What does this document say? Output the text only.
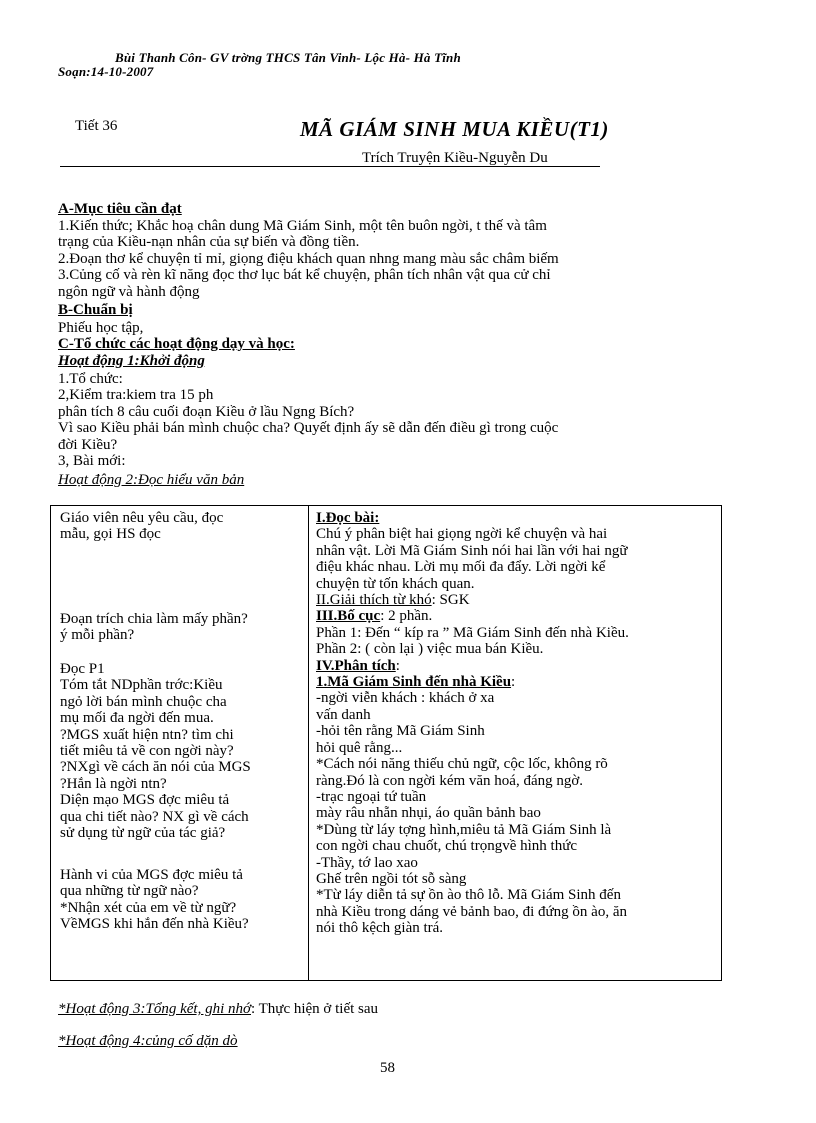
Bùi Thanh Côn- GV trờng THCS Tân Vinh- Lộc Hà- Hà Tĩnh
Soạn:14-10-2007
Tiết 36	MÃ GIÁM SINH MUA KIỀU(T1)
Trích Truyện Kiều-Nguyễn Du
A-Mục tiêu cần đạt
1.Kiến thức; Khắc hoạ chân dung Mã Giám Sinh, một tên buôn ngời, t thế và tâm
trạng của Kiều-nạn nhân của sự biến và đồng tiền.
2.Đoạn thơ kể chuyện tỉ mỉ, giọng điệu khách quan nhng mang màu sắc châm biếm
3.Củng cố và rèn kĩ năng đọc thơ lục bát kể chuyện, phân tích nhân vật qua cử chỉ
ngôn ngữ và hành động
B-Chuẩn bị
Phiếu học tập,
C-Tổ chức các hoạt động dạy và học:
Hoạt động 1:Khởi động
1.Tổ chức:
2,Kiểm tra:kiem tra 15 ph
phân tích 8 câu cuối đoạn Kiều ở lầu Ngng Bích?
Vì sao Kiều phải bán mình chuộc cha? Quyết định ấy sẽ dẫn đến điều gì trong cuộc
đời Kiều?
3, Bài mới:
Hoạt động 2:Đọc hiểu văn bản

Giáo viên nêu yêu cầu, đọc

mẫu, gọi HS đọc

Đoạn trích chia làm mấy phần?

ý mỗi phần?

Đọc P1

Tóm tắt NDphần trớc:Kiều

ngỏ lời bán mình chuộc cha

mụ mối đa ngời đến mua.

?MGS xuất hiện ntn? tìm chi

tiết miêu tả về con ngời này?

?NXgì về cách ăn nói của MGS

?Hắn là ngời ntn?

Diện mạo MGS đợc miêu tả

qua chi tiết nào? NX gì về cách

sử dụng từ ngữ của tác giả?

Hành vi của MGS đợc miêu tả

qua những từ ngữ nào?

*Nhận xét của em về từ ngữ?

VềMGS khi hắn đến nhà Kiều?

I.Đọc bài:

Chú ý phân biệt hai giọng ngời kể chuyện và hai

nhân vật. Lời Mã Giám Sinh nói hai lần với hai ngữ

điệu khác nhau. Lời mụ mối đa đẩy. Lời ngời kể

chuyện từ tốn khách quan.

II.Giải thích từ khó: SGK

III.Bố cục: 2 phần.

Phần 1: Đến “ kíp ra ” Mã Giám Sinh đến nhà Kiều.

Phần 2: ( còn lại ) việc mua bán Kiều.

IV.Phân tích:

1.Mã Giám Sinh đến nhà Kiều:

-ngời viễn khách : khách ở xa

vấn danh

-hỏi tên rằng Mã Giám Sinh

hỏi quê rằng...

*Cách nói năng thiếu chủ ngữ, cộc lốc, không rõ

ràng.Đó là con ngời kém văn hoá, đáng ngờ.

-trạc ngoại tứ tuần

mày râu nhẵn nhụi, áo quần bảnh bao

*Dùng từ láy tợng hình,miêu tả Mã Giám Sinh là

con ngời chau chuốt, chú trọngvề hình thức

-Thầy, tớ lao xao

Ghế trên ngồi tót sỗ sàng

*Từ láy diễn tả sự ồn ào thô lỗ. Mã Giám Sinh đến

nhà Kiều trong dáng vẻ bảnh bao, đi đứng ồn ào, ăn

nói thô kệch giàn trá.

*Hoạt động 3:Tổng kết, ghi nhớ: Thực hiện ở tiết sau
*Hoạt động 4:củng cố dặn dò
58
